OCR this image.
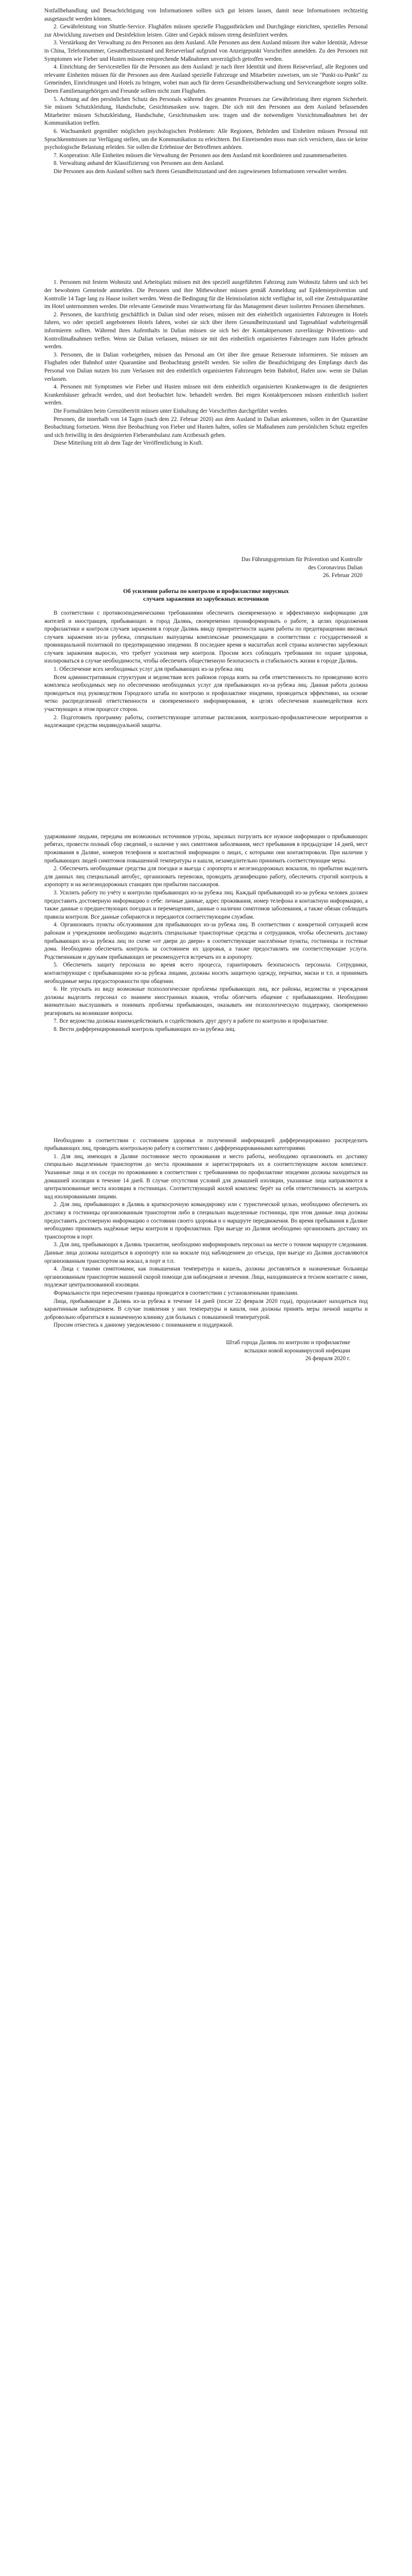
Notfallbehandlung und Benachrichtigung von Informationen sollten sich gut leisten lassen, damit neue Informationen rechtzeitig ausgetauscht werden können.

2. Gewährleistung von Shuttle-Service. Flughäfen müssen spezielle Fluggastbrücken und Durchgänge einrichten, spezielles Personal zur Abwicklung zuweisen und Desinfektion leisten. Güter und Gepäck müssen streng desinfiziert werden.

3. Verstärkung der Verwaltung zu den Personen aus dem Ausland. Alle Personen aus dem Ausland müssen ihre wahre Identität, Adresse in China, Telefonnummer, Gesundheitszustand und Reiseverlauf aufgrund von Anzeigepunkt Vorschriften anmelden. Zu den Personen mit Symptomen wie Fieber und Husten müssen entsprechende Maßnahmen unverzüglich getroffen werden.

4. Einrichtung der Servicestellen für die Personen aus dem Ausland: je nach ihrer Identität und ihrem Reiseverlauf, alle Regionen und relevante Einheiten müssen für die Personen aus dem Ausland spezielle Fahrzeuge und Mitarbeiter zuweisen, um sie "Punkt-zu-Punkt" zu Gemeinden, Einrichtungen und Hotels zu bringen, wobei man auch für deren Gesundheitsüberwachung und Serviceangebote sorgen sollte. Deren Familienangehörigen und Freunde sollten nicht zum Flughafen.

5. Achtung auf den persönlichen Schutz des Personals während des gesamten Prozesses zur Gewährleistung ihrer eigenen Sicherheit. Sie müssen Schutzkleidung, Handschuhe, Gesichtsmasken usw. tragen. Die sich mit den Personen aus dem Ausland befassenden Mitarbeiter müssen Schutzkleidung, Handschuhe, Gesichtsmasken usw. tragen und die notwendigen Vorsichtsmaßnahmen bei der Kommunikation treffen.

6. Wachsamkeit gegenüber möglichen psychologischen Problemen: Alle Regionen, Behörden und Einheiten müssen Personal mit Sprachkenntnissen zur Verfügung stellen, um die Kommunikation zu erleichtern. Bei Einreisenden muss man sich versichern, dass sie keine psychologische Belastung erleiden. Sie sollen die Erlebnisse der Betroffenen anhören.

7. Kooperation: Alle Einheiten müssen die Verwaltung der Personen aus dem Ausland mit koordinieren und zusammenarbeiten.

8. Verwaltung anhand der Klassifizierung von Personen aus dem Ausland.

Die Personen aus dem Ausland sollten nach ihrem Gesundheitszustand und den zugewiesenen Informationen verwaltet werden.

1. Personen mit festem Wohnsitz und Arbeitsplatz müssen mit den speziell ausgeführten Fahrzeug zum Wohnsitz fahren und sich bei der bewohnten Gemeinde anmelden. Die Personen und ihre Mitbewohner müssen gemäß Anmeldung auf Epidemieprävention und Kontrolle 14 Tage lang zu Hause isoliert werden. Wenn die Bedingung für die Heimisolation nicht verfügbar ist, soll eine Zentralquarantäne im Hotel unternommen werden. Die relevante Gemeinde muss Verantwortung für das Management dieser isolierten Personen übernehmen.

2. Personen, die kurzfristig geschäftlich in Dalian sind oder reisen, müssen mit den einheitlich organisierten Fahrzeugen in Hotels fahren, wo oder speziell angebotenen Hotels fahren, wobei sie sich über ihren Gesundheitszustand und Tagesablauf wahrheitsgemäß informieren sollten. Während ihres Aufenthalts in Dalian müssen sie sich bei der Kontaktpersonen zuverlässige Präventions- und Kontrollmaßnahmen treffen. Wenn sie Dalian verlassen, müssen sie mit den einheitlich organisierten Fahrzeugen zum Hafen gebracht werden.

3. Personen, die in Dalian vorbeigehen, müssen das Personal am Ort über ihre genaue Reiseroute informieren. Sie müssen am Flughafen oder Bahnhof unter Quarantäne und Beobachtung gestellt werden. Sie sollen die Beaufsichtigung des Empfangs durch das Personal von Dalian nutzen bis zum Verlassen mit den einheitlich organisierten Fahrzeugen beim Bahnhof, Hafen usw. wenn sie Dalian verlassen.

4. Personen mit Symptomen wie Fieber und Husten müssen mit dem einheitlich organisierten Krankenwagen in die designierten Krankenhäuser gebracht werden, und dort beobachtet bzw. behandelt werden. Bei engen Kontaktpersonen müssen einheitlich isoliert werden.

Die Formalitäten beim Grenzübertritt müssen unter Einhaltung der Vorschriften durchgeführt werden.

Personen, die innerhalb von 14 Tagen (nach dem 22. Februar 2020) aus dem Ausland in Dalian ankommen, sollen in der Quarantäne Beobachtung fortsetzen. Wenn ihre Beobachtung von Fieber und Husten halten, sollen sie Maßnahmen zum persönlichen Schutz ergreifen und sich freiwillig in den designierten Fieberambulanz zum Arztbesuch gehen.

Diese Mitteilung tritt ab dem Tage der Veröffentlichung in Kraft.

Das Führungsgremium für Prävention und Kontrolle
des Coronavirus Dalian
26. Februar 2020
Об усилении работы по контролю и профилактике вирусных
случаев заражения из зарубежных источников

В соответствии с противоэпидемическими требованиями обеспечить своевременную и эффективную информацию для жителей и иностранцев, прибывающих в город Далянь, своевременно проинформировать о работе, в целях продолжения профилактики и контроля случаев заражения в городе Далянь ввиду приоритетности задачи работы по предотвращению ввозных случаев заражения из-за рубежа, специально выпущены комплексные рекомендации в соответствии с государственной и провинциальной политикой по предотвращению эпидемии. В последнее время в масштабах всей страны количество зарубежных случаев заражения выросло, что требует усиления мер контроля. Просим всех соблюдать требования по охране здоровья, изолироваться в случае необходимости, чтобы обеспечить общественную безопасность и стабильность жизни в городе Далянь.

1. Обеспечение всех необходимых услуг для прибывающих из-за рубежа лиц

Всем административным структурам и ведомствам всех районов города взять на себя ответственность по проведению всего комплекса необходимых мер по обеспечению необходимых услуг для прибывающих из-за рубежа лиц. Данная работа должна проводиться под руководством Городского штаба по контролю и профилактике эпидемии, проводиться эффективно, на основе четко распределенной ответственности и своевременного информирования, в целях обеспечения взаимодействия всех участвующих в этом процессе сторон.

2. Подготовить программу работы, соответствующие штатные расписания, контрольно-профилактические мероприятия и надлежащие средства индивидуальной защиты.

ударживание людьми, передача им возможных источников угрозы, заразных погрузить все нужное информации о прибывающих ребятах, провести полный сбор сведений, о наличие у них симптомов заболевания, мест пребывания в предыдущие 14 дней, мест проживания в Даляне, номеров телефонов и контактной информации о лицах, с которыми они контактировали. При наличии у прибывающих людей симптомов повышенной температуры и кашля, незамедлительно принимать соответствующие меры.

2. Обеспечить необходимые средства для поездки и выезда с аэропорта и железнодорожных вокзалов, по прибытии выделить для данных лиц специальный автобус, организовать перевозки, проводить дезинфекцию работу, обеспечить строгий контроль в аэропорту и на железнодорожных станциях при прибытии пассажиров.

3. Усилить работу по учёту и контролю прибывающих из-за рубежа лиц. Каждый прибывающий из-за рубежа человек должен предоставить достоверную информацию о себе: личные данные, адрес проживания, номер телефона и контактную информацию, а также данные о предшествующих поездках и перемещениях, данные о наличии симптомов заболевания, а также обязан соблюдать правила контроля. Все данные собираются и передаются соответствующим службам.

4. Организовать пункты обслуживания для прибывающих из-за рубежа лиц. В соответствии с конкретной ситуацией всем районам и учреждениям необходимо выделить специальные транспортные средства и сотрудников, чтобы обеспечить доставку прибывающих из-за рубежа лиц по схеме «от двери до двери» в соответствующие населённые пункты, гостиницы и гостевые дома. Необходимо обеспечить контроль за состоянием их здоровья, а также предоставлять им соответствующие услуги. Родственникам и друзьям прибывающих не рекомендуется встречать их в аэропорту.

5. Обеспечить защиту персонала во время всего процесса, гарантировать безопасность персонала. Сотрудники, контактирующие с прибывающими из-за рубежа лицами, должны носить защитную одежду, перчатки, маски и т.п. и принимать необходимые меры предосторожности при общении.

6. Не упускать из виду возможные психологические проблемы прибывающих лиц, все районы, ведомства и учреждения должны выделить персонал со знанием иностранных языков, чтобы облегчить общение с прибывающими. Необходимо внимательно выслушивать и понимать проблемы прибывающих, оказывать им психологическую поддержку, своевременно реагировать на возникшие вопросы.

7. Все ведомства должны взаимодействовать и содействовать друг другу в работе по контролю и профилактике.

8. Вести дифференцированный контроль прибывающих из-за рубежа лиц.

Необходимо в соответствии с состоянием здоровья и полученной информацией дифференцированно распределить прибывающих лиц, проводить контрольную работу в соответствии с дифференцированными категориями.

1. Для лиц, имеющих в Даляне постоянное место проживания и место работы, необходимо организовать их доставку специально выделенным транспортом до места проживания и зарегистрировать их в соответствующем жилом комплексе. Указанные лица и их соседи по проживанию в соответствии с требованиями по профилактике эпидемии должны находиться на домашней изоляции в течение 14 дней. В случае отсутствия условий для домашней изоляции, указанные лица направляются в централизованные места изоляции в гостиницах. Соответствующий жилой комплекс берёт на себя ответственность за контроль над изолированными лицами.

2. Для лиц, прибывающих в Далянь в краткосрочную командировку или с туристической целью, необходимо обеспечить их доставку в гостиницы организованным транспортом либо в специально выделенные гостиницы, при этом данные лица должны предоставить достоверную информацию о состоянии своего здоровья и о маршруте передвижения. Во время пребывания в Даляне необходимо принимать надёжные меры контроля и профилактики. При выезде из Даляня необходимо организовать доставку их транспортом в порт.

3. Для лиц, прибывающих в Далянь транзитом, необходимо информировать персонал на месте о точном маршруте следования. Данные лица должны находиться в аэропорту или на вокзале под наблюдением до отъезда, при выезде из Даляня доставляются организованным транспортом на вокзал, в порт и т.п.

4. Лица с такими симптомами, как повышенная температура и кашель, должны доставляться в назначенные больницы организованным транспортом машиной скорой помощи для наблюдения и лечения. Лица, находившиеся в тесном контакте с ними, подлежат централизованной изоляции.

Формальности при пересечении границы проводятся в соответствии с установленными правилами.

Лица, прибывающие в Далянь из-за рубежа в течение 14 дней (после 22 февраля 2020 года), продолжают находиться под карантинным наблюдением. В случае появления у них температуры и кашля, они должны принять меры личной защиты и добровольно обратиться в назначенную клинику для больных с повышенной температурой.

Просим отнестись к данному уведомлению с пониманием и поддержкой.

Штаб города Далянь по контролю и профилактике
вспышки новой коронавирусной инфекции
26 февраля 2020 г.
